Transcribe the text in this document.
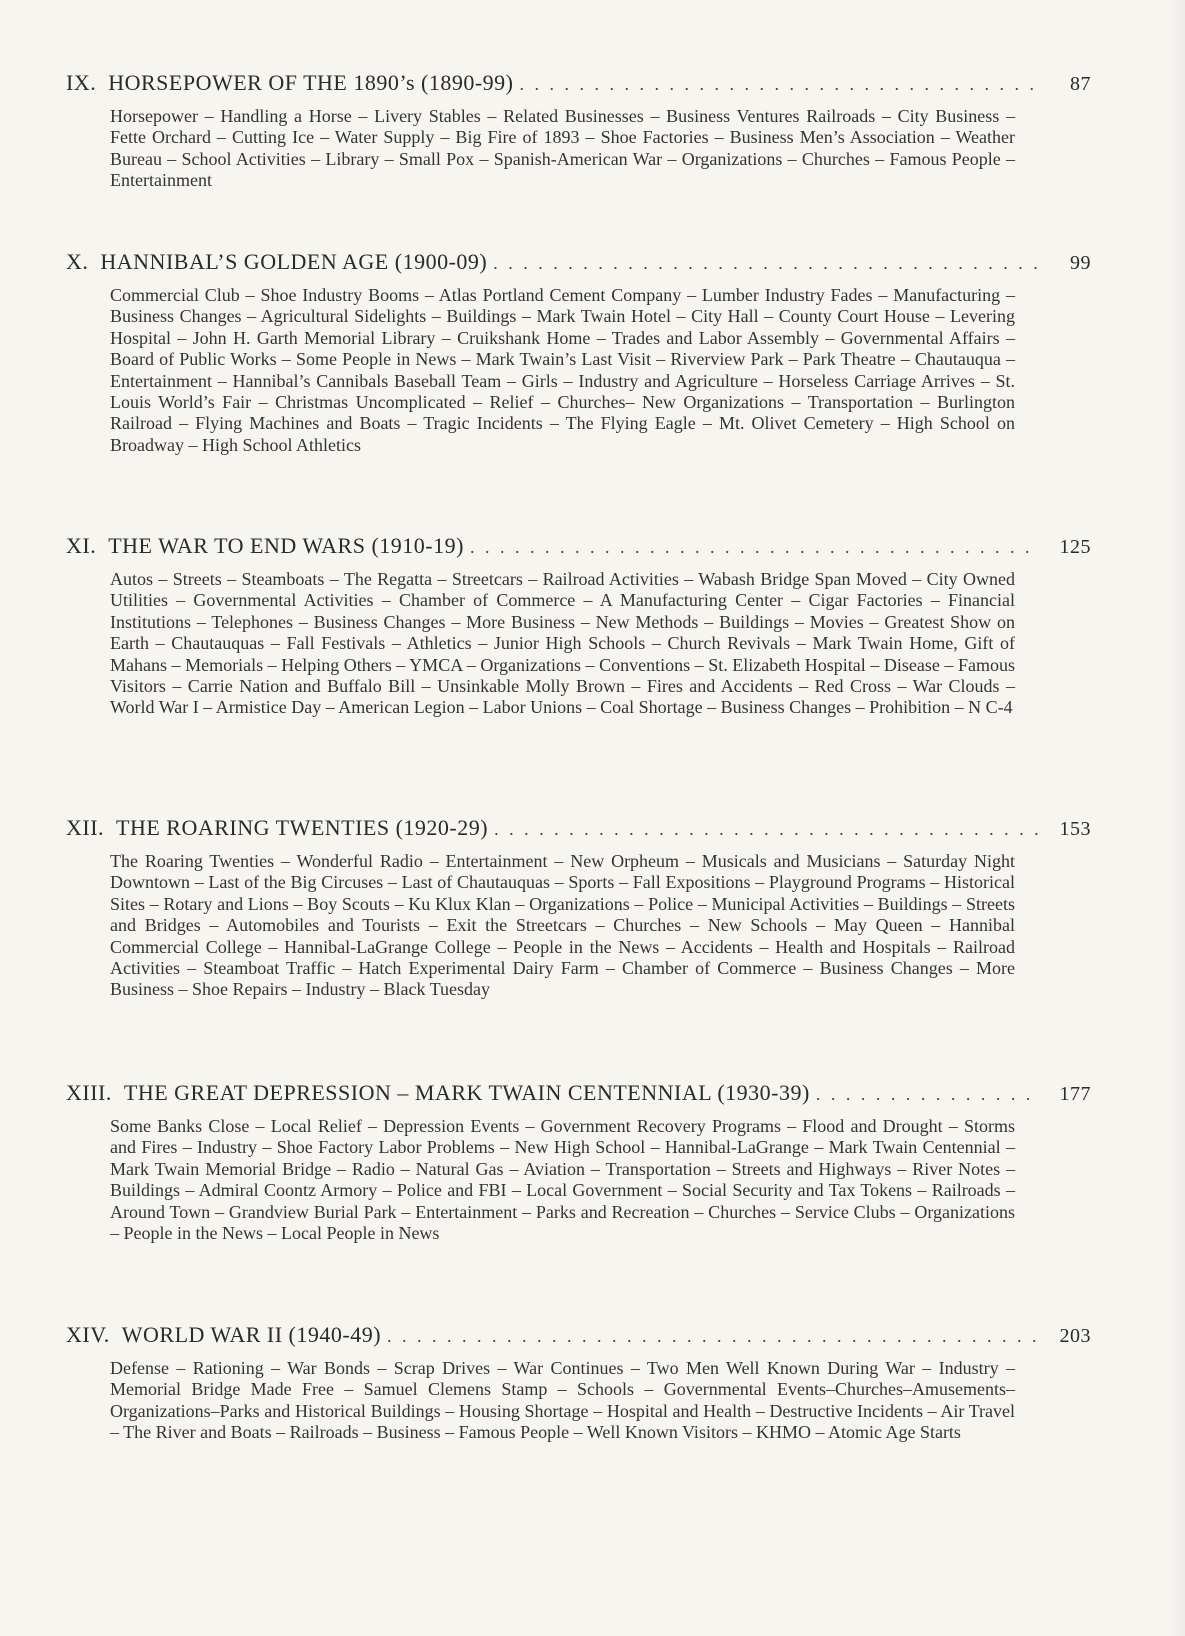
IX. HORSEPOWER OF THE 1890’s (1890-99) . . .	87
Horsepower – Handling a Horse – Livery Stables – Related Businesses – Business Ventures Railroads – City Business – Fette Orchard – Cutting Ice – Water Supply – Big Fire of 1893 – Shoe Factories – Business Men’s Association – Weather Bureau – School Activities – Library – Small Pox – Spanish-American War – Organizations – Churches – Famous People – Entertainment
X. HANNIBAL’S GOLDEN AGE (1900-09) . . .	99
Commercial Club – Shoe Industry Booms – Atlas Portland Cement Company – Lumber Industry Fades – Manufacturing – Business Changes – Agricultural Sidelights – Buildings – Mark Twain Hotel – City Hall – County Court House – Levering Hospital – John H. Garth Memorial Library – Cruikshank Home – Trades and Labor Assembly – Governmental Affairs – Board of Public Works – Some People in News – Mark Twain’s Last Visit – Riverview Park – Park Theatre – Chautauqua – Entertainment – Hannibal’s Cannibals Baseball Team – Girls – Industry and Agriculture – Horseless Carriage Arrives – St. Louis World’s Fair – Christmas Uncomplicated – Relief – Churches– New Organizations – Transportation – Burlington Railroad – Flying Machines and Boats – Tragic Incidents – The Flying Eagle – Mt. Olivet Cemetery – High School on Broadway – High School Athletics
XI. THE WAR TO END WARS (1910-19) . . .	125
Autos – Streets – Steamboats – The Regatta – Streetcars – Railroad Activities – Wabash Bridge Span Moved – City Owned Utilities – Governmental Activities – Chamber of Commerce – A Manufacturing Center – Cigar Factories – Financial Institutions – Telephones – Business Changes – More Business – New Methods – Buildings – Movies – Greatest Show on Earth – Chautauquas – Fall Festivals – Athletics – Junior High Schools – Church Revivals – Mark Twain Home, Gift of Mahans – Memorials – Helping Others – YMCA – Organizations – Conventions – St. Elizabeth Hospital – Disease – Famous Visitors – Carrie Nation and Buffalo Bill – Unsinkable Molly Brown – Fires and Accidents – Red Cross – War Clouds – World War I – Armistice Day – American Legion – Labor Unions – Coal Shortage – Business Changes – Prohibition – N C-4
XII. THE ROARING TWENTIES (1920-29) . . .	153
The Roaring Twenties – Wonderful Radio – Entertainment – New Orpheum – Musicals and Musicians – Saturday Night Downtown – Last of the Big Circuses – Last of Chautauquas – Sports – Fall Expositions – Playground Programs – Historical Sites – Rotary and Lions – Boy Scouts – Ku Klux Klan – Organizations – Police – Municipal Activities – Buildings – Streets and Bridges – Automobiles and Tourists – Exit the Streetcars – Churches – New Schools – May Queen – Hannibal Commercial College – Hannibal-LaGrange College – People in the News – Accidents – Health and Hospitals – Railroad Activities – Steamboat Traffic – Hatch Experimental Dairy Farm – Chamber of Commerce – Business Changes – More Business – Shoe Repairs – Industry – Black Tuesday
XIII. THE GREAT DEPRESSION – MARK TWAIN CENTENNIAL (1930-39) . . .	177
Some Banks Close – Local Relief – Depression Events – Government Recovery Programs – Flood and Drought – Storms and Fires – Industry – Shoe Factory Labor Problems – New High School – Hannibal-LaGrange – Mark Twain Centennial – Mark Twain Memorial Bridge – Radio – Natural Gas – Aviation – Transportation – Streets and Highways – River Notes – Buildings – Admiral Coontz Armory – Police and FBI – Local Government – Social Security and Tax Tokens – Railroads – Around Town – Grandview Burial Park – Entertainment – Parks and Recreation – Churches – Service Clubs – Organizations – People in the News – Local People in News
XIV. WORLD WAR II (1940-49) . . .	203
Defense – Rationing – War Bonds – Scrap Drives – War Continues – Two Men Well Known During War – Industry – Memorial Bridge Made Free – Samuel Clemens Stamp – Schools – Governmental Events–Churches–Amusements–Organizations–Parks and Historical Buildings – Housing Shortage – Hospital and Health – Destructive Incidents – Air Travel – The River and Boats – Railroads – Business – Famous People – Well Known Visitors – KHMO – Atomic Age Starts
